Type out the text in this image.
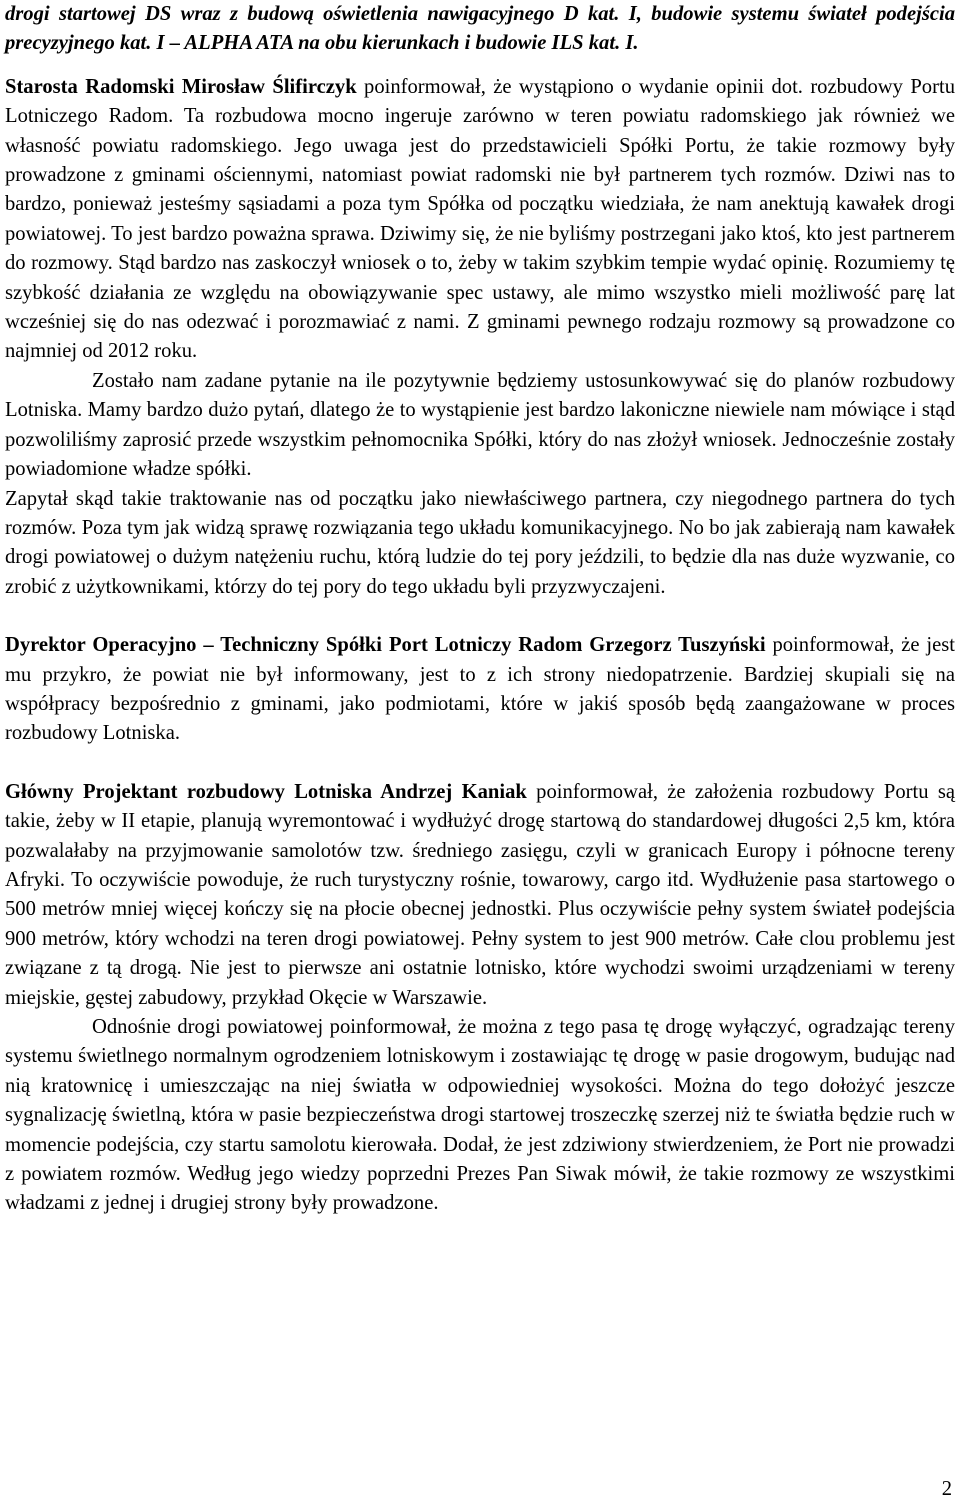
drogi startowej DS wraz z budową oświetlenia nawigacyjnego D kat. I, budowie systemu świateł podejścia precyzyjnego kat. I – ALPHA ATA na obu kierunkach i budowie ILS kat. I.

Starosta Radomski Mirosław Ślifirczyk poinformował, że wystąpiono o wydanie opinii dot. rozbudowy Portu Lotniczego Radom. Ta rozbudowa mocno ingeruje zarówno w teren powiatu radomskiego jak również we własność powiatu radomskiego. Jego uwaga jest do przedstawicieli Spółki Portu, że takie rozmowy były prowadzone z gminami ościennymi, natomiast powiat radomski nie był partnerem tych rozmów. Dziwi nas to bardzo, ponieważ jesteśmy sąsiadami a poza tym Spółka od początku wiedziała, że nam anektują kawałek drogi powiatowej. To jest bardzo poważna sprawa. Dziwimy się, że nie byliśmy postrzegani jako ktoś, kto jest partnerem do rozmowy. Stąd bardzo nas zaskoczył wniosek o to, żeby w takim szybkim tempie wydać opinię. Rozumiemy tę szybkość działania ze względu na obowiązywanie spec ustawy, ale mimo wszystko mieli możliwość parę lat wcześniej się do nas odezwać i porozmawiać z nami. Z gminami pewnego rodzaju rozmowy są prowadzone co najmniej od 2012 roku.

Zostało nam zadane pytanie na ile pozytywnie będziemy ustosunkowywać się do planów rozbudowy Lotniska. Mamy bardzo dużo pytań, dlatego że to wystąpienie jest bardzo lakoniczne niewiele nam mówiące i stąd pozwoliliśmy zaprosić przede wszystkim pełnomocnika Spółki, który do nas złożył wniosek. Jednocześnie zostały powiadomione władze spółki.

Zapytał skąd takie traktowanie nas od początku jako niewłaściwego partnera, czy niegodnego partnera do tych rozmów. Poza tym jak widzą sprawę rozwiązania tego układu komunikacyjnego. No bo jak zabierają nam kawałek drogi powiatowej o dużym natężeniu ruchu, którą ludzie do tej pory jeździli, to będzie dla nas duże wyzwanie, co zrobić z użytkownikami, którzy do tej pory do tego układu byli przyzwyczajeni.

Dyrektor Operacyjno – Techniczny Spółki Port Lotniczy Radom Grzegorz Tuszyński poinformował, że jest mu przykro, że powiat nie był informowany, jest to z ich strony niedopatrzenie. Bardziej skupiali się na współpracy bezpośrednio z gminami, jako podmiotami, które w jakiś sposób będą zaangażowane w proces rozbudowy Lotniska.

Główny Projektant rozbudowy Lotniska Andrzej Kaniak poinformował, że założenia rozbudowy Portu są takie, żeby w II etapie, planują wyremontować i wydłużyć drogę startową do standardowej długości 2,5 km, która pozwalałaby na przyjmowanie samolotów tzw. średniego zasięgu, czyli w granicach Europy i północne tereny Afryki. To oczywiście powoduje, że ruch turystyczny rośnie, towarowy, cargo itd. Wydłużenie pasa startowego o 500 metrów mniej więcej kończy się na płocie obecnej jednostki. Plus oczywiście pełny system świateł podejścia 900 metrów, który wchodzi na teren drogi powiatowej. Pełny system to jest 900 metrów. Całe clou problemu jest związane z tą drogą. Nie jest to pierwsze ani ostatnie lotnisko, które wychodzi swoimi urządzeniami w tereny miejskie, gęstej zabudowy, przykład Okęcie w Warszawie.

Odnośnie drogi powiatowej poinformował, że można z tego pasa tę drogę wyłączyć, ogradzając tereny systemu świetlnego normalnym ogrodzeniem lotniskowym i zostawiając tę drogę w pasie drogowym, budując nad nią kratownicę i umieszczając na niej światła w odpowiedniej wysokości. Można do tego dołożyć jeszcze sygnalizację świetlną, która w pasie bezpieczeństwa drogi startowej troszeczkę szerzej niż te światła będzie ruch w momencie podejścia, czy startu samolotu kierowała. Dodał, że jest zdziwiony stwierdzeniem, że Port nie prowadzi z powiatem rozmów. Według jego wiedzy poprzedni Prezes Pan Siwak mówił, że takie rozmowy ze wszystkimi władzami z jednej i drugiej strony były prowadzone.

2
